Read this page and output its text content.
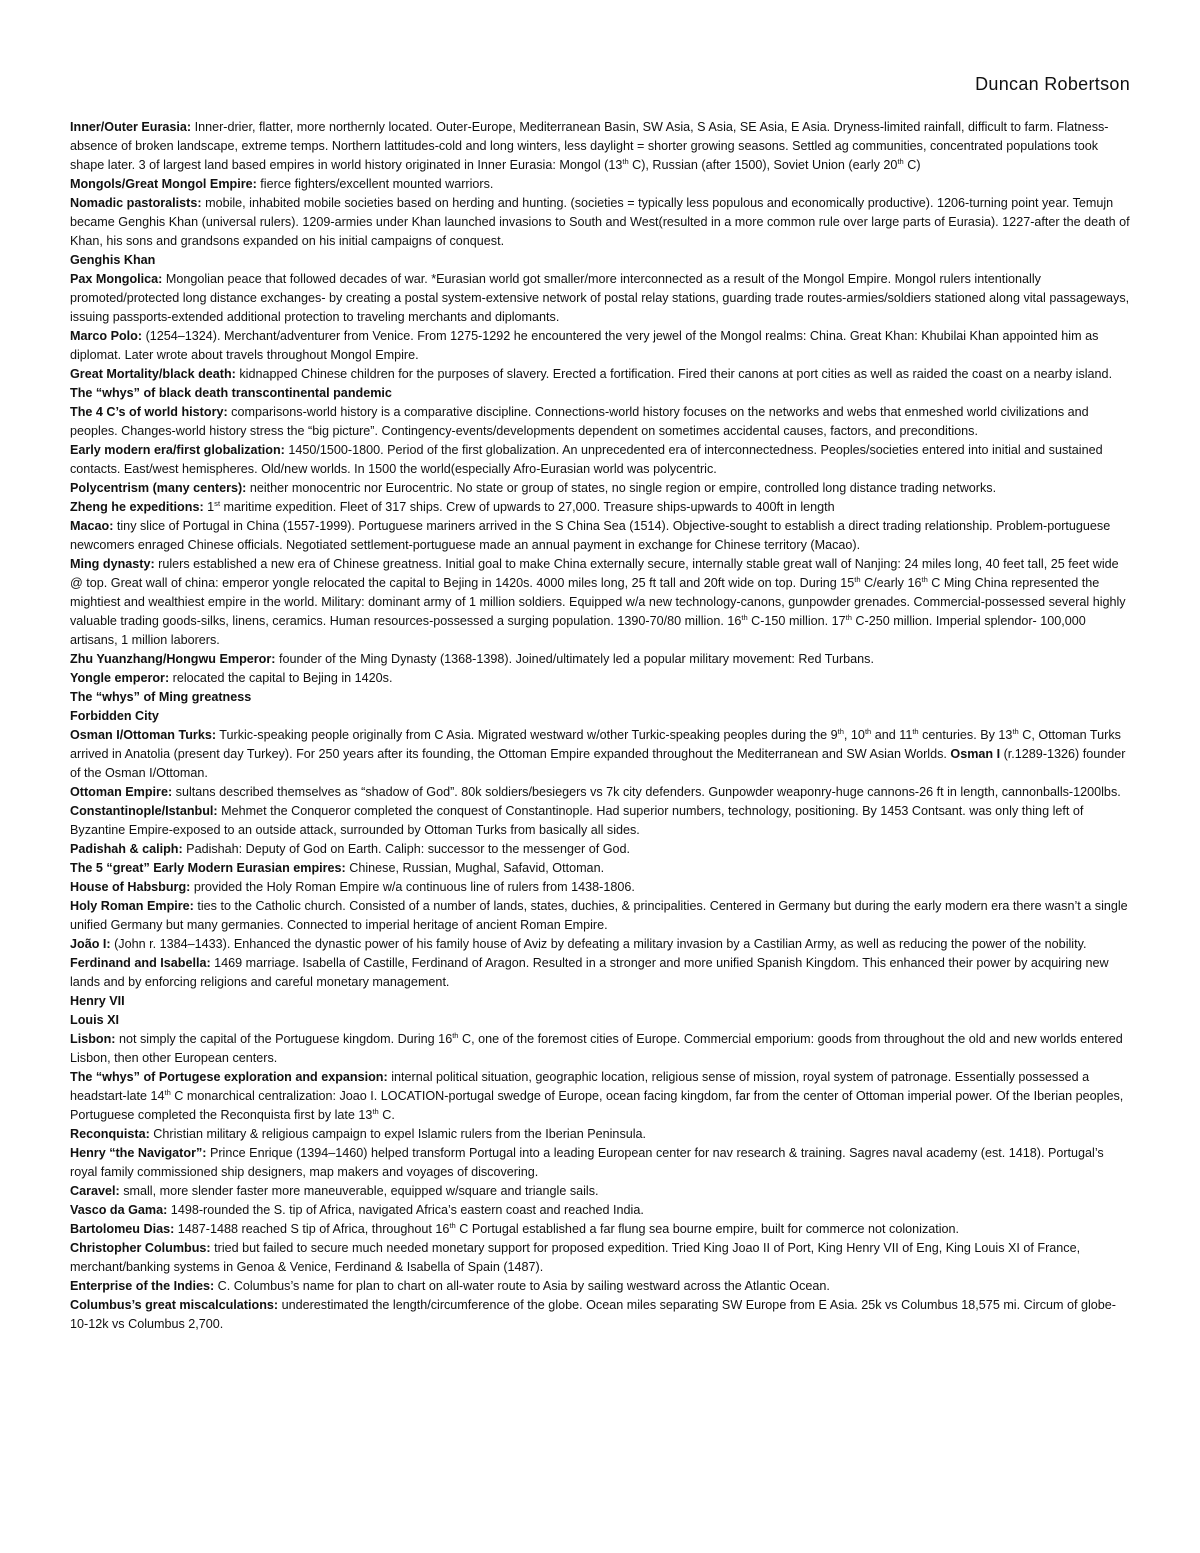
Duncan Robertson

Inner/Outer Eurasia: Inner-drier, flatter, more northernly located. Outer-Europe, Mediterranean Basin, SW Asia, S Asia, SE Asia, E Asia. Dryness-limited rainfall, difficult to farm. Flatness-absence of broken landscape, extreme temps. Northern lattitudes-cold and long winters, less daylight = shorter growing seasons. Settled ag communities, concentrated populations took shape later. 3 of largest land based empires in world history originated in Inner Eurasia: Mongol (13th C), Russian (after 1500), Soviet Union (early 20th C)

Mongols/Great Mongol Empire: fierce fighters/excellent mounted warriors.

Nomadic pastoralists: mobile, inhabited mobile societies based on herding and hunting. (societies = typically less populous and economically productive). 1206-turning point year. Temujn became Genghis Khan (universal rulers). 1209-armies under Khan launched invasions to South and West(resulted in a more common rule over large parts of Eurasia). 1227-after the death of Khan, his sons and grandsons expanded on his initial campaigns of conquest.

Genghis Khan

Pax Mongolica: Mongolian peace that followed decades of war. *Eurasian world got smaller/more interconnected as a result of the Mongol Empire. Mongol rulers intentionally promoted/protected long distance exchanges- by creating a postal system-extensive network of postal relay stations, guarding trade routes-armies/soldiers stationed along vital passageways, issuing passports-extended additional protection to traveling merchants and diplomants.

Marco Polo: (1254–1324). Merchant/adventurer from Venice. From 1275-1292 he encountered the very jewel of the Mongol realms: China. Great Khan: Khubilai Khan appointed him as diplomat. Later wrote about travels throughout Mongol Empire.

Great Mortality/black death: kidnapped Chinese children for the purposes of slavery. Erected a fortification. Fired their canons at port cities as well as raided the coast on a nearby island.

The “whys” of black death transcontinental pandemic

The 4 C’s of world history: comparisons-world history is a comparative discipline. Connections-world history focuses on the networks and webs that enmeshed world civilizations and peoples. Changes-world history stress the “big picture”. Contingency-events/developments dependent on sometimes accidental causes, factors, and preconditions.

Early modern era/first globalization: 1450/1500-1800. Period of the first globalization. An unprecedented era of interconnectedness. Peoples/societies entered into initial and sustained contacts. East/west hemispheres. Old/new worlds. In 1500 the world(especially Afro-Eurasian world was polycentric.

Polycentrism (many centers): neither monocentric nor Eurocentric. No state or group of states, no single region or empire, controlled long distance trading networks.

Zheng he expeditions: 1st maritime expedition. Fleet of 317 ships. Crew of upwards to 27,000. Treasure ships-upwards to 400ft in length

Macao: tiny slice of Portugal in China (1557-1999). Portuguese mariners arrived in the S China Sea (1514). Objective-sought to establish a direct trading relationship. Problem-portuguese newcomers enraged Chinese officials. Negotiated settlement-portuguese made an annual payment in exchange for Chinese territory (Macao).

Ming dynasty: rulers established a new era of Chinese greatness. Initial goal to make China externally secure, internally stable great wall of Nanjing: 24 miles long, 40 feet tall, 25 feet wide @ top. Great wall of china: emperor yongle relocated the capital to Bejing in 1420s. 4000 miles long, 25 ft tall and 20ft wide on top. During 15th C/early 16th C Ming China represented the mightiest and wealthiest empire in the world. Military: dominant army of 1 million soldiers. Equipped w/a new technology-canons, gunpowder grenades. Commercial-possessed several highly valuable trading goods-silks, linens, ceramics. Human resources-possessed a surging population. 1390-70/80 million. 16th C-150 million. 17th C-250 million. Imperial splendor- 100,000 artisans, 1 million laborers.

Zhu Yuanzhang/Hongwu Emperor: founder of the Ming Dynasty (1368-1398). Joined/ultimately led a popular military movement: Red Turbans.

Yongle emperor: relocated the capital to Bejing in 1420s.

The “whys” of Ming greatness

Forbidden City

Osman I/Ottoman Turks: Turkic-speaking people originally from C Asia. Migrated westward w/other Turkic-speaking peoples during the 9th, 10th and 11th centuries. By 13th C, Ottoman Turks arrived in Anatolia (present day Turkey). For 250 years after its founding, the Ottoman Empire expanded throughout the Mediterranean and SW Asian Worlds. Osman I (r.1289-1326) founder of the Osman I/Ottoman.

Ottoman Empire: sultans described themselves as “shadow of God”. 80k soldiers/besiegers vs 7k city defenders. Gunpowder weaponry-huge cannons-26 ft in length, cannonballs-1200lbs.

Constantinople/Istanbul: Mehmet the Conqueror completed the conquest of Constantinople. Had superior numbers, technology, positioning. By 1453 Contsant. was only thing left of Byzantine Empire-exposed to an outside attack, surrounded by Ottoman Turks from basically all sides.

Padishah & caliph: Padishah: Deputy of God on Earth. Caliph: successor to the messenger of God.

The 5 “great” Early Modern Eurasian empires: Chinese, Russian, Mughal, Safavid, Ottoman.

House of Habsburg: provided the Holy Roman Empire w/a continuous line of rulers from 1438-1806.

Holy Roman Empire: ties to the Catholic church. Consisted of a number of lands, states, duchies, & principalities. Centered in Germany but during the early modern era there wasn’t a single unified Germany but many germanies. Connected to imperial heritage of ancient Roman Empire.

João I: (John r. 1384–1433). Enhanced the dynastic power of his family house of Aviz by defeating a military invasion by a Castilian Army, as well as reducing the power of the nobility.

Ferdinand and Isabella: 1469 marriage. Isabella of Castille, Ferdinand of Aragon. Resulted in a stronger and more unified Spanish Kingdom. This enhanced their power by acquiring new lands and by enforcing religions and careful monetary management.

Henry VII

Louis XI

Lisbon: not simply the capital of the Portuguese kingdom. During 16th C, one of the foremost cities of Europe. Commercial emporium: goods from throughout the old and new worlds entered Lisbon, then other European centers.

The “whys” of Portugese exploration and expansion: internal political situation, geographic location, religious sense of mission, royal system of patronage. Essentially possessed a headstart-late 14th C monarchical centralization: Joao I. LOCATION-portugal swedge of Europe, ocean facing kingdom, far from the center of Ottoman imperial power. Of the Iberian peoples, Portuguese completed the Reconquista first by late 13th C.

Reconquista: Christian military & religious campaign to expel Islamic rulers from the Iberian Peninsula.

Henry “the Navigator”: Prince Enrique (1394–1460) helped transform Portugal into a leading European center for nav research & training. Sagres naval academy (est. 1418). Portugal’s royal family commissioned ship designers, map makers and voyages of discovering.

Caravel: small, more slender faster more maneuverable, equipped w/square and triangle sails.

Vasco da Gama: 1498-rounded the S. tip of Africa, navigated Africa’s eastern coast and reached India.

Bartolomeu Dias: 1487-1488 reached S tip of Africa, throughout 16th C Portugal established a far flung sea bourne empire, built for commerce not colonization.

Christopher Columbus: tried but failed to secure much needed monetary support for proposed expedition. Tried King Joao II of Port, King Henry VII of Eng, King Louis XI of France, merchant/banking systems in Genoa & Venice, Ferdinand & Isabella of Spain (1487).

Enterprise of the Indies: C. Columbus’s name for plan to chart on all-water route to Asia by sailing westward across the Atlantic Ocean.

Columbus’s great miscalculations: underestimated the length/circumference of the globe. Ocean miles separating SW Europe from E Asia. 25k vs Columbus 18,575 mi. Circum of globe- 10-12k vs Columbus 2,700.
